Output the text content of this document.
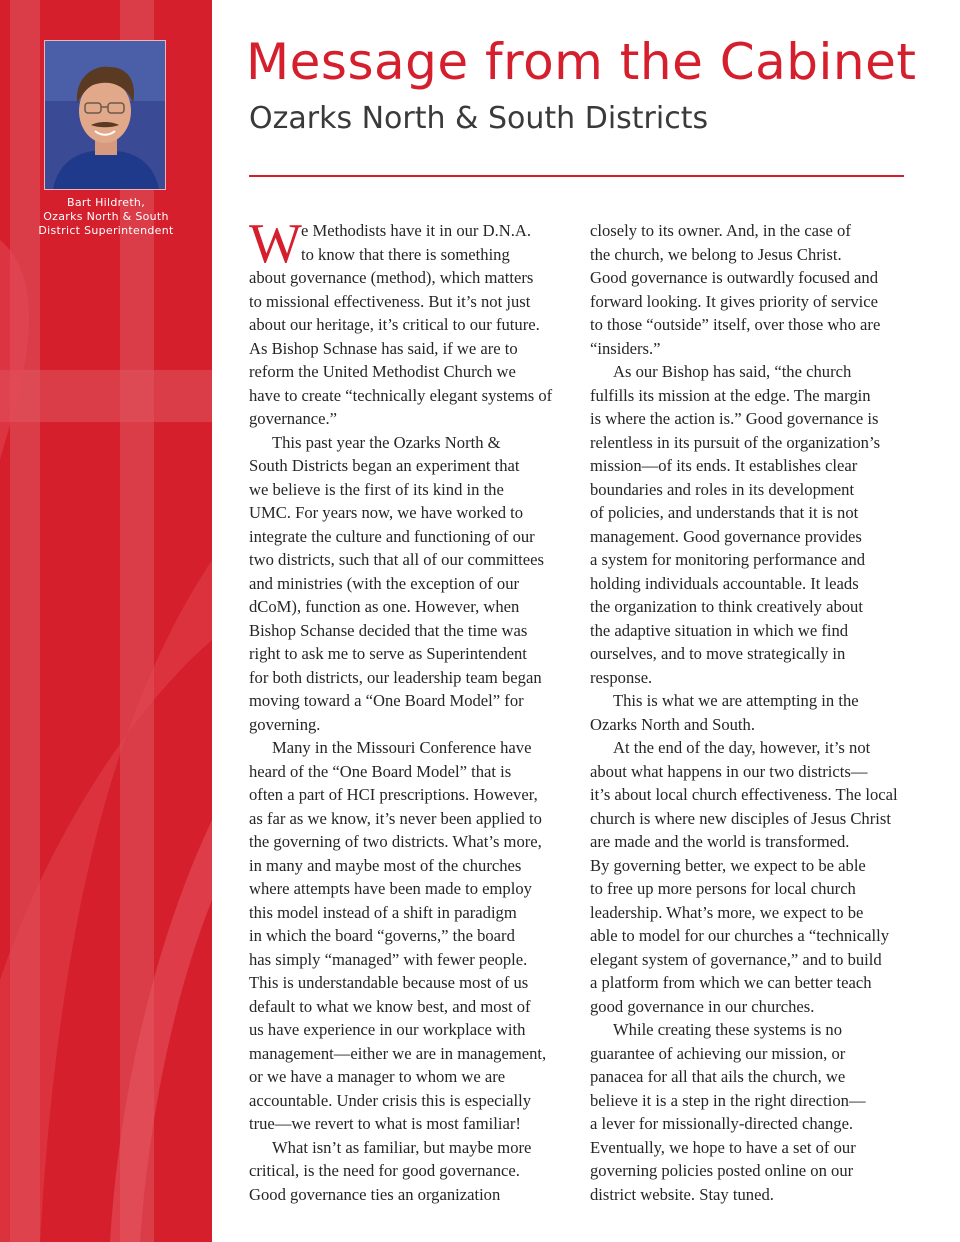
Bart Hildreth,
Ozarks North & South
District Superintendent
Message from the Cabinet
Ozarks North & South Districts
W e Methodists have it in our D.N.A.
to know that there is something
about governance (method), which matters
to missional effectiveness. But it’s not just
about our heritage, it’s critical to our future.
As Bishop Schnase has said, if we are to
reform the United Methodist Church we
have to create “technically elegant systems of
governance.”
This past year the Ozarks North &
South Districts began an experiment that
we believe is the first of its kind in the
UMC. For years now, we have worked to
integrate the culture and functioning of our
two districts, such that all of our committees
and ministries (with the exception of our
dCoM), function as one. However, when
Bishop Schanse decided that the time was
right to ask me to serve as Superintendent
for both districts, our leadership team began
moving toward a “One Board Model” for
governing.
Many in the Missouri Conference have
heard of the “One Board Model” that is
often a part of HCI prescriptions. However,
as far as we know, it’s never been applied to
the governing of two districts. What’s more,
in many and maybe most of the churches
where attempts have been made to employ
this model instead of a shift in paradigm
in which the board “governs,” the board
has simply “managed” with fewer people.
This is understandable because most of us
default to what we know best, and most of
us have experience in our workplace with
management—either we are in management,
or we have a manager to whom we are
accountable. Under crisis this is especially
true—we revert to what is most familiar!
What isn’t as familiar, but maybe more
critical, is the need for good governance.
Good governance ties an organization
closely to its owner. And, in the case of
the church, we belong to Jesus Christ.
Good governance is outwardly focused and
forward looking. It gives priority of service
to those “outside” itself, over those who are
“insiders.”
As our Bishop has said, “the church
fulfills its mission at the edge. The margin
is where the action is.” Good governance is
relentless in its pursuit of the organization’s
mission—of its ends. It establishes clear
boundaries and roles in its development
of policies, and understands that it is not
management. Good governance provides
a system for monitoring performance and
holding individuals accountable. It leads
the organization to think creatively about
the adaptive situation in which we find
ourselves, and to move strategically in
response.
This is what we are attempting in the
Ozarks North and South.
At the end of the day, however, it’s not
about what happens in our two districts—
it’s about local church effectiveness. The local
church is where new disciples of Jesus Christ
are made and the world is transformed.
By governing better, we expect to be able
to free up more persons for local church
leadership. What’s more, we expect to be
able to model for our churches a “technically
elegant system of governance,” and to build
a platform from which we can better teach
good governance in our churches.
While creating these systems is no
guarantee of achieving our mission, or
panacea for all that ails the church, we
believe it is a step in the right direction—
a lever for missionally-directed change.
Eventually, we hope to have a set of our
governing policies posted online on our
district website. Stay tuned.
